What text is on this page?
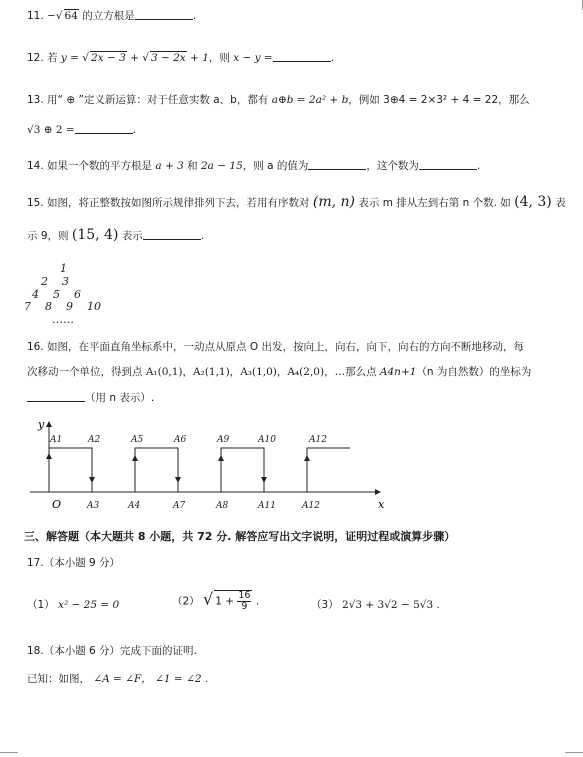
11. −√ 64 的立方根是	.
12. 若 y = √ 2x − 3 + √ 3 − 2x + 1，则 x − y =	.
13. 用“ ⊕ ”定义新运算：对于任意实数 a、b，都有 a⊕b = 2a² + b，例如 3⊕4 = 2×3² + 4 = 22，那么
√3 ⊕ 2 =	.
14. 如果一个数的平方根是 a + 3 和 2a − 15，则 a 的值为	，这个数为	.
15. 如图，将正整数按如图所示规律排列下去，若用有序数对 (m, n) 表示 m 排从左到右第 n 个数. 如 (4, 3) 表
示 9，则 (15, 4) 表示	.
1
2    3
4    5    6
7    8    9    10
……
16. 如图，在平面直角坐标系中，一动点从原点 O 出发，按向上，向右，向下，向右的方向不断地移动，每
次移动一个单位，得到点 A₁(0,1)，A₂(1,1)，A₃(1,0)，A₄(2,0)，…那么点 A4n+1（n 为自然数）的坐标为
（用 n 表示）.
y
x
O
A1	A2	A5	A6	A9	A10	A12
A3	A4	A7	A8	A11	A12
三、解答题（本大题共 8 小题，共 72 分. 解答应写出文字说明，证明过程或演算步骤）
17.（本小题 9 分）
（1） x² − 25 = 0	（2） √ $1 + \frac{16}{9}$ .	（3） 2√3 + 3√2 − 5√3 .
18.（本小题 6 分）完成下面的证明.
已知：如图， ∠A = ∠F， ∠1 = ∠2 .
